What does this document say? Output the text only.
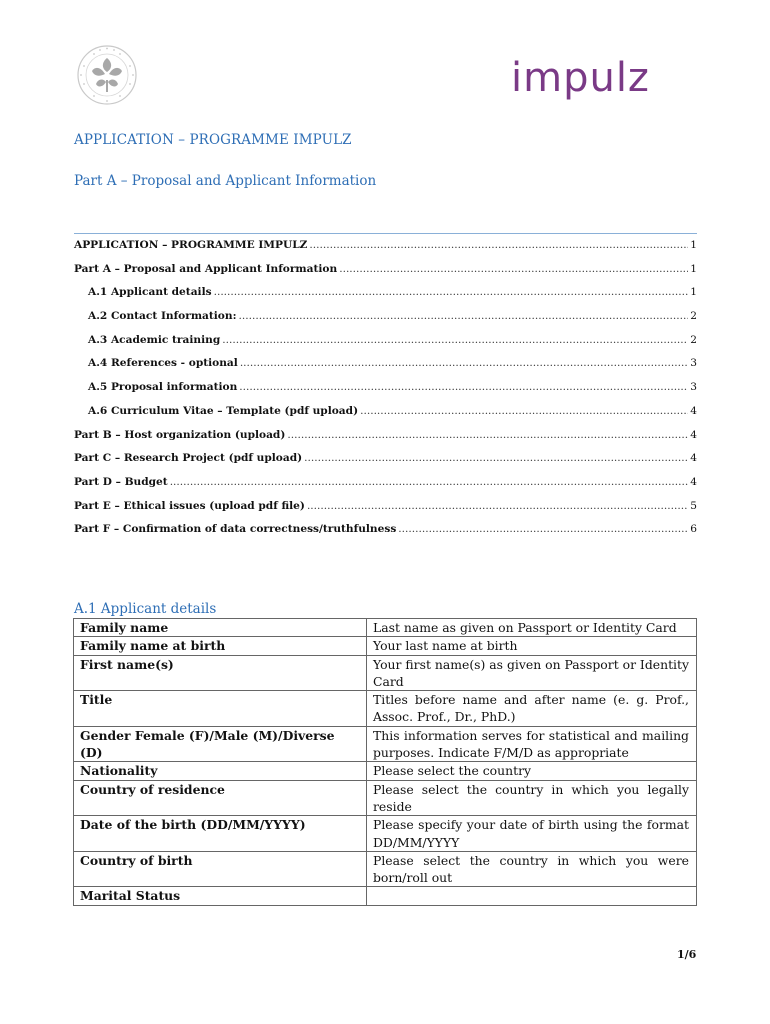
impulz
APPLICATION – PROGRAMME IMPULZ
Part A – Proposal and Applicant Information
APPLICATION – PROGRAMME IMPULZ .....	1
Part A – Proposal and Applicant Information .....	1
A.1 Applicant details .....	1
A.2 Contact Information: .....	2
A.3 Academic training .....	2
A.4 References - optional .....	3
A.5 Proposal information .....	3
A.6 Curriculum Vitae – Template (pdf upload) .....	4
Part B – Host organization (upload) .....	4
Part C – Research Project (pdf upload) .....	4
Part D – Budget .....	4
Part E – Ethical issues (upload pdf file) .....	5
Part F – Confirmation of data correctness/truthfulness .....	6
A.1 Applicant details
Family name	Last name as given on Passport or Identity Card
Family name at birth	Your last name at birth
First name(s)	Your first name(s) as given on Passport or Identity Card
Title	Titles before name and after name (e. g. Prof., Assoc. Prof., Dr., PhD.)
Gender Female (F)/Male (M)/Diverse (D)	This information serves for statistical and mailing purposes. Indicate F/M/D as appropriate
Nationality	Please select the country
Country of residence	Please select the country in which you legally reside
Date of the birth (DD/MM/YYYY)	Please specify your date of birth using the format DD/MM/YYYY
Country of birth	Please select the country in which you were born/roll out
Marital Status	
1/6
